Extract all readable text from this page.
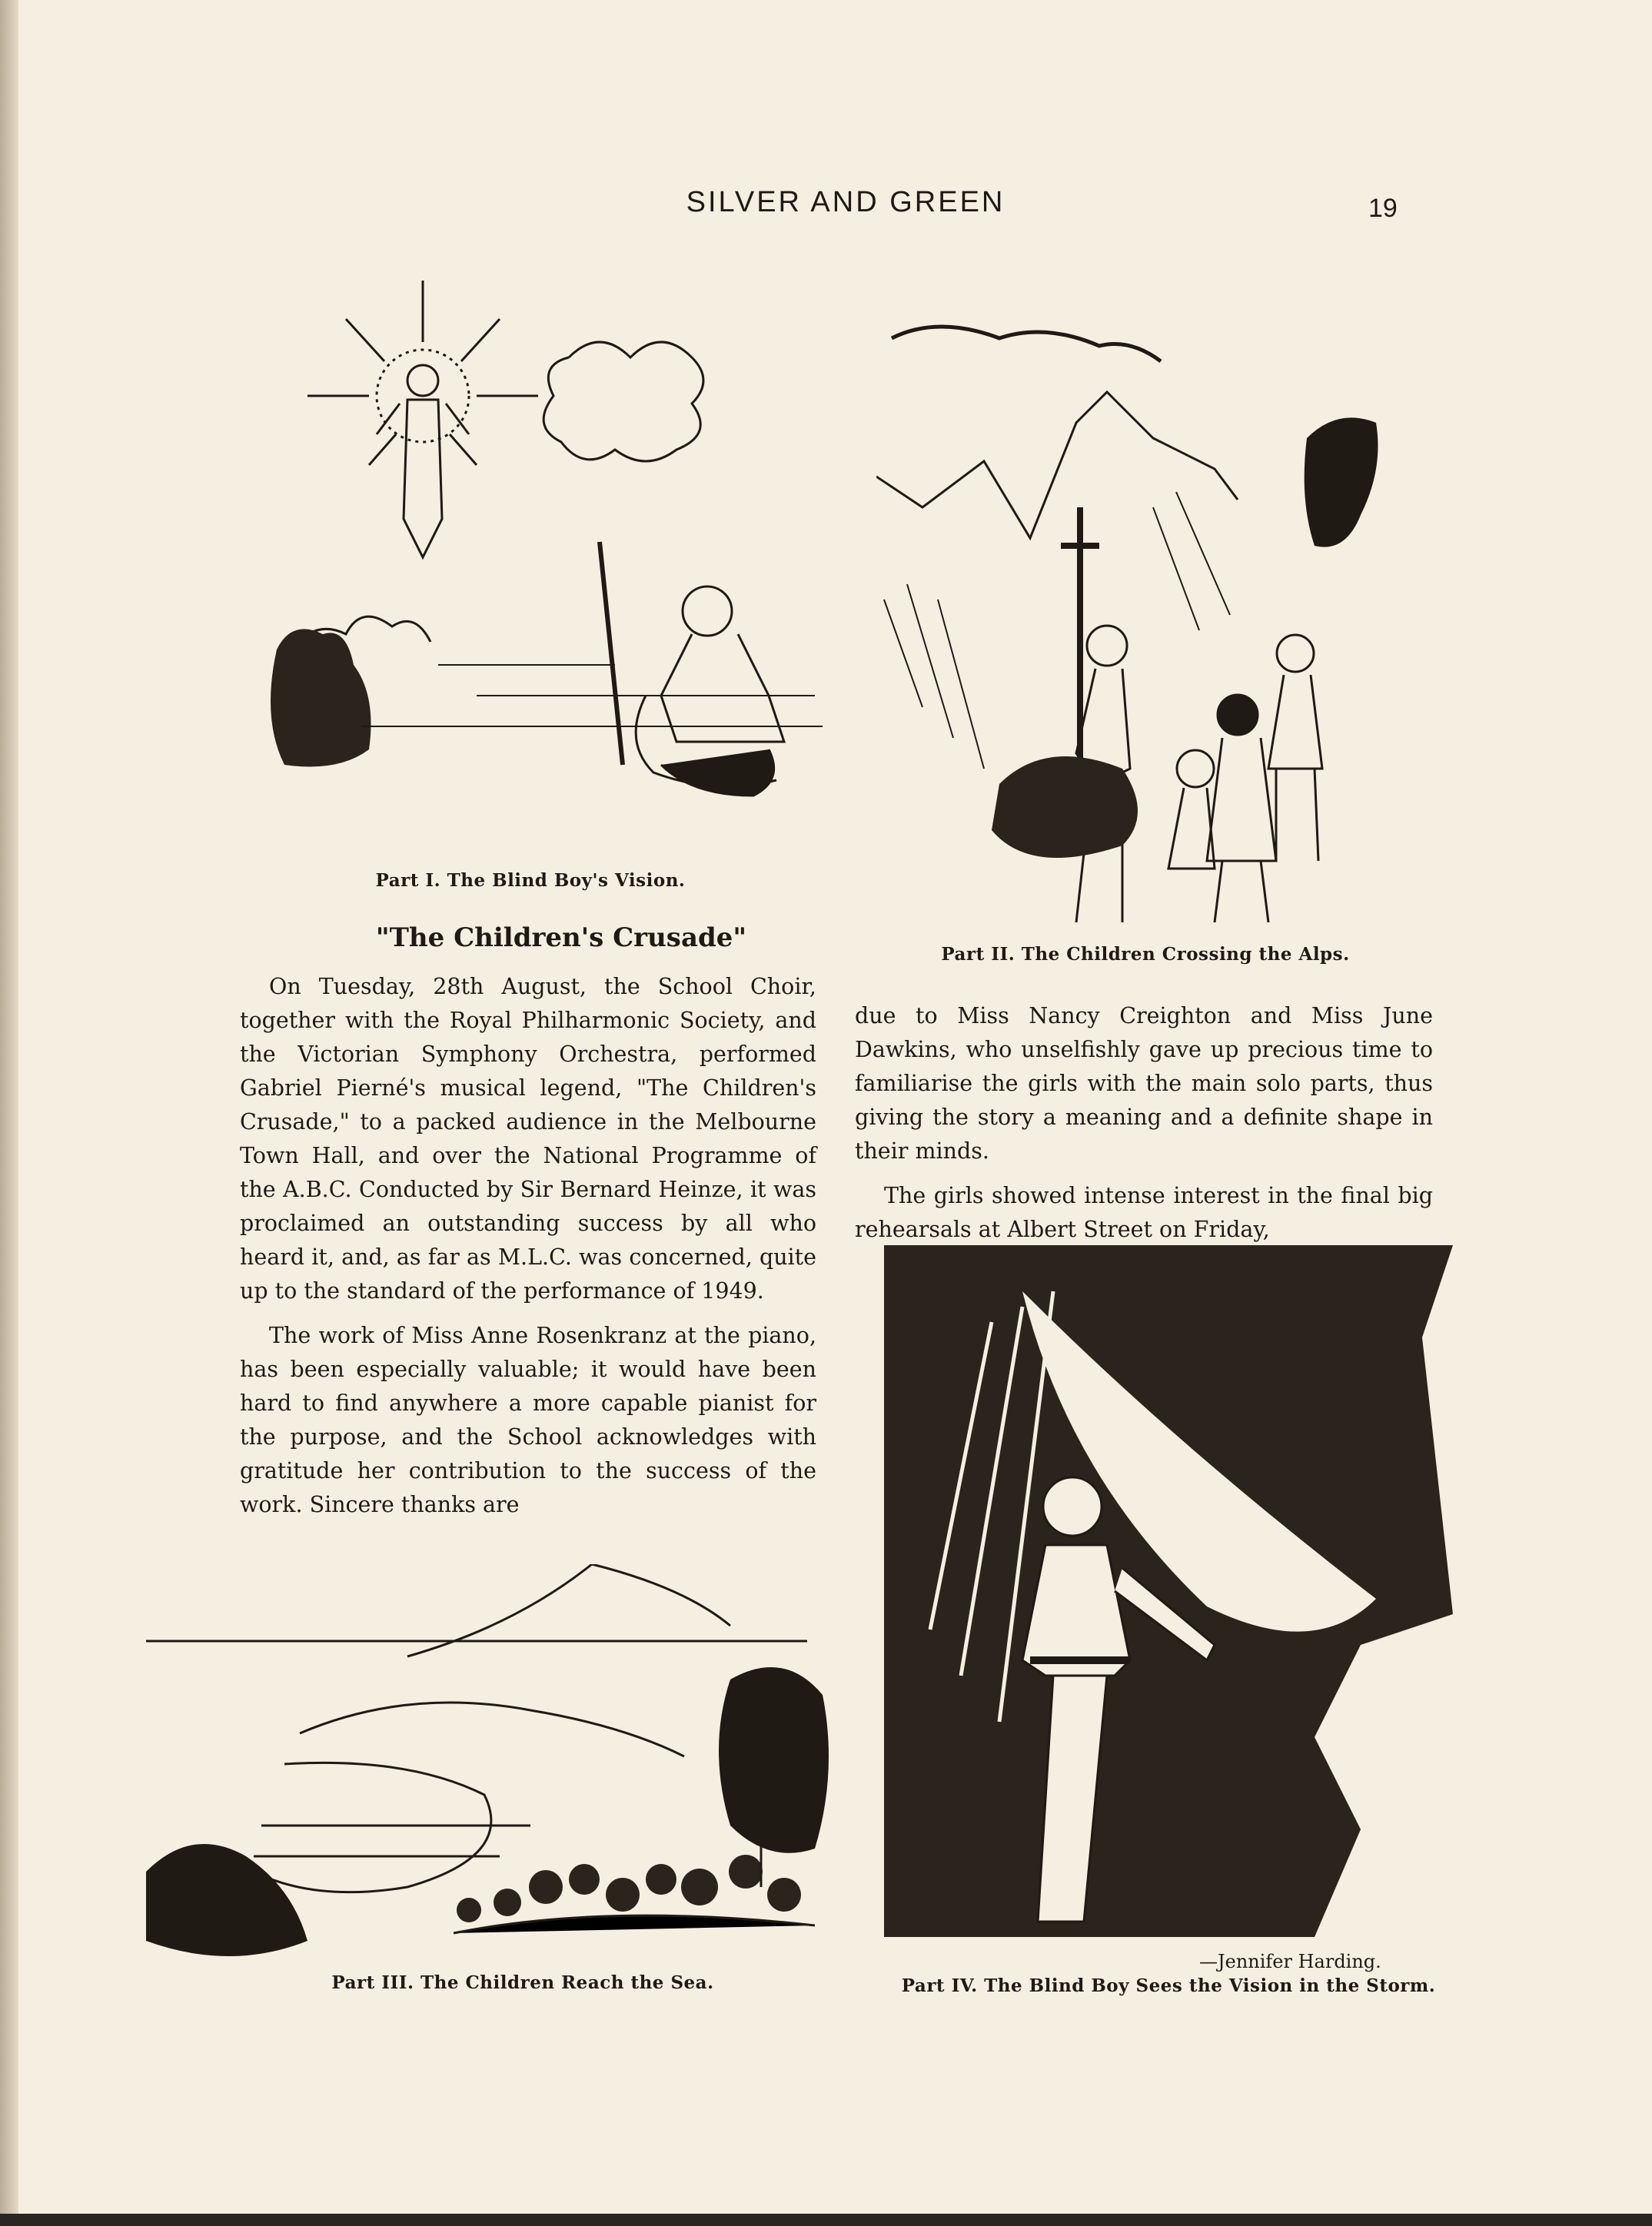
SILVER AND GREEN	19
Part I. The Blind Boy's Vision.
Part II. The Children Crossing the Alps.
"The Children's Crusade"

On Tuesday, 28th August, the School Choir, together with the Royal Philharmonic Society, and the Victorian Symphony Orchestra, performed Gabriel Pierné's musical legend, "The Children's Crusade," to a packed audience in the Melbourne Town Hall, and over the National Programme of the A.B.C. Conducted by Sir Bernard Heinze, it was proclaimed an outstanding success by all who heard it, and, as far as M.L.C. was concerned, quite up to the standard of the performance of 1949.

The work of Miss Anne Rosenkranz at the piano, has been especially valuable; it would have been hard to find anywhere a more capable pianist for the purpose, and the School acknowledges with gratitude her contribution to the success of the work. Sincere thanks are

due to Miss Nancy Creighton and Miss June Dawkins, who unselfishly gave up precious time to familiarise the girls with the main solo parts, thus giving the story a meaning and a definite shape in their minds.

The girls showed intense interest in the final big rehearsals at Albert Street on Friday,

Part III. The Children Reach the Sea.
—Jennifer Harding.
Part IV. The Blind Boy Sees the Vision in the Storm.
